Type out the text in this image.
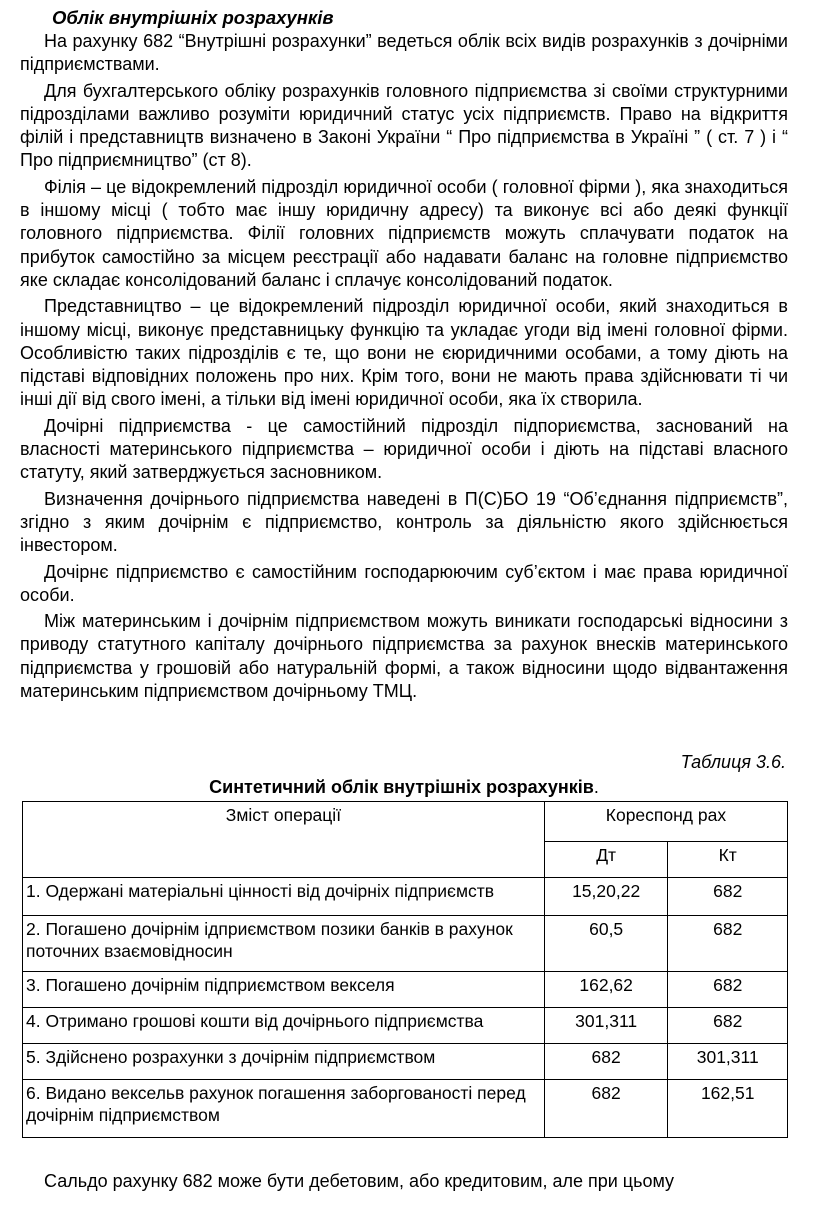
Облік внутрішніх розрахунків

На рахунку 682 “Внутрішні розрахунки” ведеться облік всіх видів розрахунків з дочірніми підприємствами.

Для бухгалтерського обліку розрахунків головного підприємства зі своїми структурними підрозділами важливо розуміти юридичний статус усіх підприємств. Право на відкриття філій і представництв визначено в Законі України “ Про підприємства в Україні ” ( ст. 7 ) і “ Про підприємництво” (ст 8).

Філія – це відокремлений підрозділ юридичної особи ( головної фірми ), яка знаходиться в іншому місці ( тобто має іншу юридичну адресу) та виконує всі або деякі функції головного підприємства. Філії головних підприємств можуть сплачувати податок на прибуток самостійно за місцем реєстрації або надавати баланс на головне підприємство яке складає консолідований баланс і сплачує консолідований податок.

Представництво – це відокремлений підрозділ юридичної особи, який знаходиться в іншому місці, виконує представницьку функцію та укладає угоди від імені головної фірми. Особливістю таких підрозділів є те, що вони не єюридичними особами, а тому діють на підставі відповідних положень про них. Крім того, вони не мають права здійснювати ті чи інші дії від свого імені, а тільки від імені юридичної особи, яка їх створила.

Дочірні підприємства - це самостійний підрозділ підпориємства, заснований на власності материнського підприємства – юридичної особи і діють на підставі власного статуту, який затверджується засновником.

Визначення дочірнього підприємства наведені в П(С)БО 19 “Об’єднання підприємств”, згідно з яким дочірнім є підприємство, контроль за діяльністю якого здійснюється інвестором.

Дочірнє підприємство є самостійним господарюючим суб’єктом і має права юридичної особи.

Між материнським і дочірнім підприємством можуть виникати господарські відносини з приводу статутного капіталу дочірнього підприємства за рахунок внесків материнського підприємства у грошовій або натуральній формі, а також відносини щодо відвантаження материнським підприємством дочірньому ТМЦ.

Таблиця 3.6.
Синтетичний облік внутрішніх розрахунків.
Зміст операції	Кореспонд рах	
	Дт	Кт
1. Одержані матеріальні цінності від дочірніх підприємств	15,20,22	682
2. Погашено дочірнім ідприємством позики банків в рахунок поточних взаємовідносин	60,5	682
3. Погашено дочірнім підприємством векселя	162,62	682
4. Отримано грошові кошти від дочірнього підприємства	301,311	682
5. Здійснено розрахунки з дочірнім підприємством	682	301,311
6. Видано вексельв рахунок погашення заборгованості перед дочірнім підприємством	682	162,51

Сальдо рахунку 682 може бути дебетовим, або кредитовим, але при цьому
